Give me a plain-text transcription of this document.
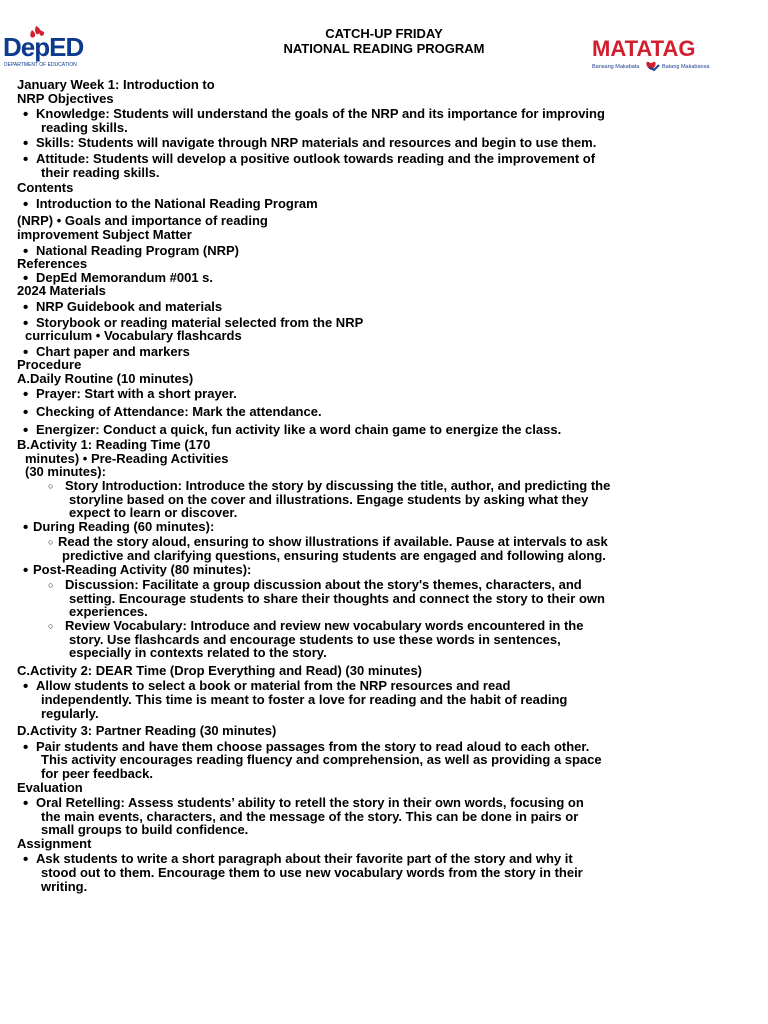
DepED
DEPARTMENT OF EDUCATION
CATCH-UP FRIDAY
NATIONAL READING PROGRAM	MATATAG
Bansang Makabata	Batang Makabansa
January Week 1: Introduction to
NRP Objectives
• Knowledge: Students will understand the goals of the NRP and its importance for improving
reading skills.
• Skills: Students will navigate through NRP materials and resources and begin to use them.
• Attitude: Students will develop a positive outlook towards reading and the improvement of
their reading skills.
Contents
• Introduction to the National Reading Program
(NRP) • Goals and importance of reading
improvement Subject Matter
• National Reading Program (NRP)
References
• DepEd Memorandum #001 s.
2024 Materials
• NRP Guidebook and materials
• Storybook or reading material selected from the NRP
curriculum • Vocabulary flashcards
• Chart paper and markers
Procedure
A.Daily Routine (10 minutes)
• Prayer: Start with a short prayer.
• Checking of Attendance: Mark the attendance.
• Energizer: Conduct a quick, fun activity like a word chain game to energize the class.
B.Activity 1: Reading Time (170
minutes) • Pre-Reading Activities
(30 minutes):
○ Story Introduction: Introduce the story by discussing the title, author, and predicting the
storyline based on the cover and illustrations. Engage students by asking what they
expect to learn or discover.
• During Reading (60 minutes):
○ Read the story aloud, ensuring to show illustrations if available. Pause at intervals to ask
predictive and clarifying questions, ensuring students are engaged and following along.
• Post-Reading Activity (80 minutes):
○ Discussion: Facilitate a group discussion about the story's themes, characters, and
setting. Encourage students to share their thoughts and connect the story to their own
experiences.
○ Review Vocabulary: Introduce and review new vocabulary words encountered in the
story. Use flashcards and encourage students to use these words in sentences,
especially in contexts related to the story.
C.Activity 2: DEAR Time (Drop Everything and Read) (30 minutes)
• Allow students to select a book or material from the NRP resources and read
independently. This time is meant to foster a love for reading and the habit of reading
regularly.
D.Activity 3: Partner Reading (30 minutes)
• Pair students and have them choose passages from the story to read aloud to each other.
This activity encourages reading fluency and comprehension, as well as providing a space
for peer feedback.
Evaluation
• Oral Retelling: Assess students’ ability to retell the story in their own words, focusing on
the main events, characters, and the message of the story. This can be done in pairs or
small groups to build confidence.
Assignment
• Ask students to write a short paragraph about their favorite part of the story and why it
stood out to them. Encourage them to use new vocabulary words from the story in their
writing.
